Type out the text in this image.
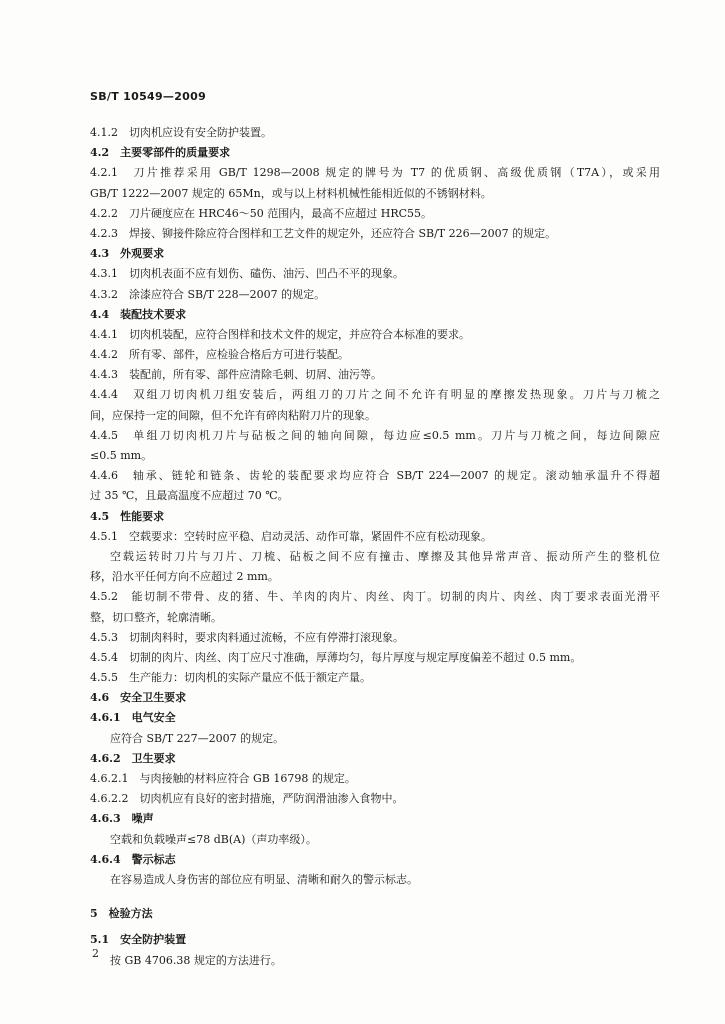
SB/T 10549—2009
4.1.2　切肉机应设有安全防护装置。
4.2　主要零部件的质量要求
4.2.1　刀片推荐采用 GB/T 1298—2008 规定的牌号为 T7 的优质钢、高级优质钢（T7A），或采用
GB/T 1222—2007 规定的 65Mn，或与以上材料机械性能相近似的不锈钢材料。
4.2.2　刀片硬度应在 HRC46～50 范围内，最高不应超过 HRC55。
4.2.3　焊接、铆接件除应符合图样和工艺文件的规定外，还应符合 SB/T 226—2007 的规定。
4.3　外观要求
4.3.1　切肉机表面不应有划伤、磕伤、油污、凹凸不平的现象。
4.3.2　涂漆应符合 SB/T 228—2007 的规定。
4.4　装配技术要求
4.4.1　切肉机装配，应符合图样和技术文件的规定，并应符合本标准的要求。
4.4.2　所有零、部件，应检验合格后方可进行装配。
4.4.3　装配前，所有零、部件应清除毛刺、切屑、油污等。
4.4.4　双组刀切肉机刀组安装后，两组刀的刀片之间不允许有明显的摩擦发热现象。刀片与刀梳之
间，应保持一定的间隙，但不允许有碎肉粘附刀片的现象。
4.4.5　单组刀切肉机刀片与砧板之间的轴向间隙，每边应≤0.5 mm。刀片与刀梳之间，每边间隙应
≤0.5 mm。
4.4.6　轴承、链轮和链条、齿轮的装配要求均应符合 SB/T 224—2007 的规定。滚动轴承温升不得超
过 35 ℃，且最高温度不应超过 70 ℃。
4.5　性能要求
4.5.1　空载要求：空转时应平稳、启动灵活、动作可靠，紧固件不应有松动现象。
空载运转时刀片与刀片、刀梳、砧板之间不应有撞击、摩擦及其他异常声音、振动所产生的整机位
移，沿水平任何方向不应超过 2 mm。
4.5.2　能切制不带骨、皮的猪、牛、羊肉的肉片、肉丝、肉丁。切制的肉片、肉丝、肉丁要求表面光滑平
整，切口整齐，轮廓清晰。
4.5.3　切制肉料时，要求肉料通过流畅，不应有停滞打滚现象。
4.5.4　切制的肉片、肉丝、肉丁应尺寸准确，厚薄均匀，每片厚度与规定厚度偏差不超过 0.5 mm。
4.5.5　生产能力：切肉机的实际产量应不低于额定产量。
4.6　安全卫生要求
4.6.1　电气安全
应符合 SB/T 227—2007 的规定。
4.6.2　卫生要求
4.6.2.1　与肉接触的材料应符合 GB 16798 的规定。
4.6.2.2　切肉机应有良好的密封措施，严防润滑油渗入食物中。
4.6.3　噪声
空载和负载噪声≤78 dB(A)（声功率级）。
4.6.4　警示标志
在容易造成人身伤害的部位应有明显、清晰和耐久的警示标志。
5　检验方法
5.1　安全防护装置
按 GB 4706.38 规定的方法进行。
2
